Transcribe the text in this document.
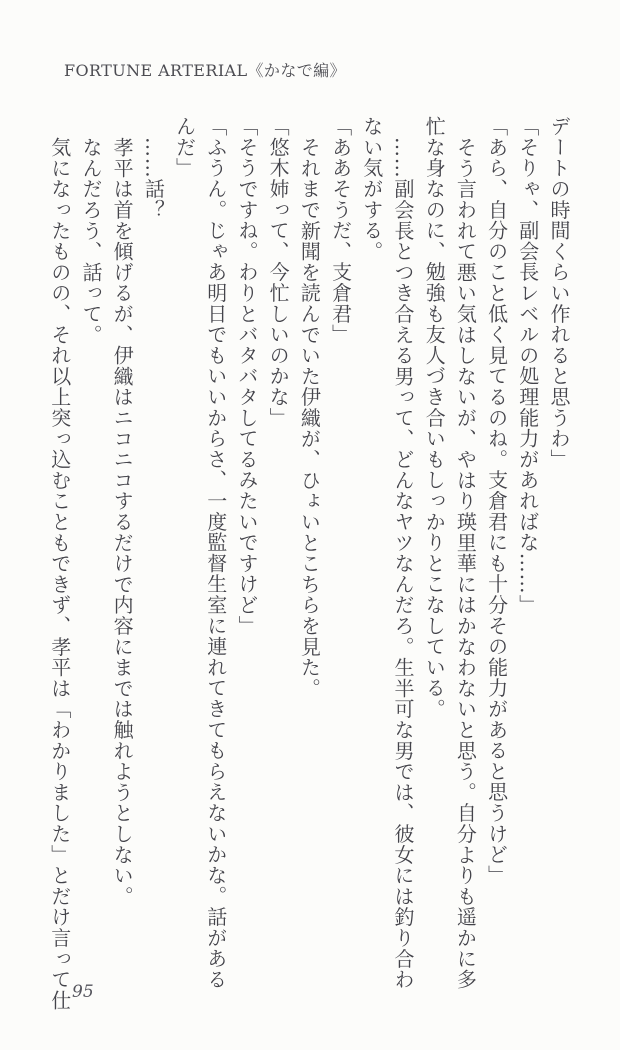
FORTUNE ARTERIAL《かなで編》

デートの時間くらい作れると思うわ」

「そりゃ、副会長レベルの処理能力があればな……」

「あら、自分のこと低く見てるのね。支倉君にも十分その能力があると思うけど」

そう言われて悪い気はしないが、やはり瑛里華にはかなわないと思う。自分よりも遥かに多

忙な身なのに、勉強も友人づき合いもしっかりとこなしている。

……副会長とつき合える男って、どんなヤツなんだろ。生半可な男では、彼女には釣り合わ

ない気がする。

「ああそうだ、支倉君」

それまで新聞を読んでいた伊織が、ひょいとこちらを見た。

「悠木姉って、今忙しいのかな」

「そうですね。わりとバタバタしてるみたいですけど」

「ふうん。じゃあ明日でもいいからさ、一度監督生室に連れてきてもらえないかな。話がある

んだ」

……話？

孝平は首を傾げるが、伊織はニコニコするだけで内容にまでは触れようとしない。

なんだろう、話って。

気になったものの、それ以上突っ込むこともできず、孝平は「わかりました」とだけ言って仕 95
